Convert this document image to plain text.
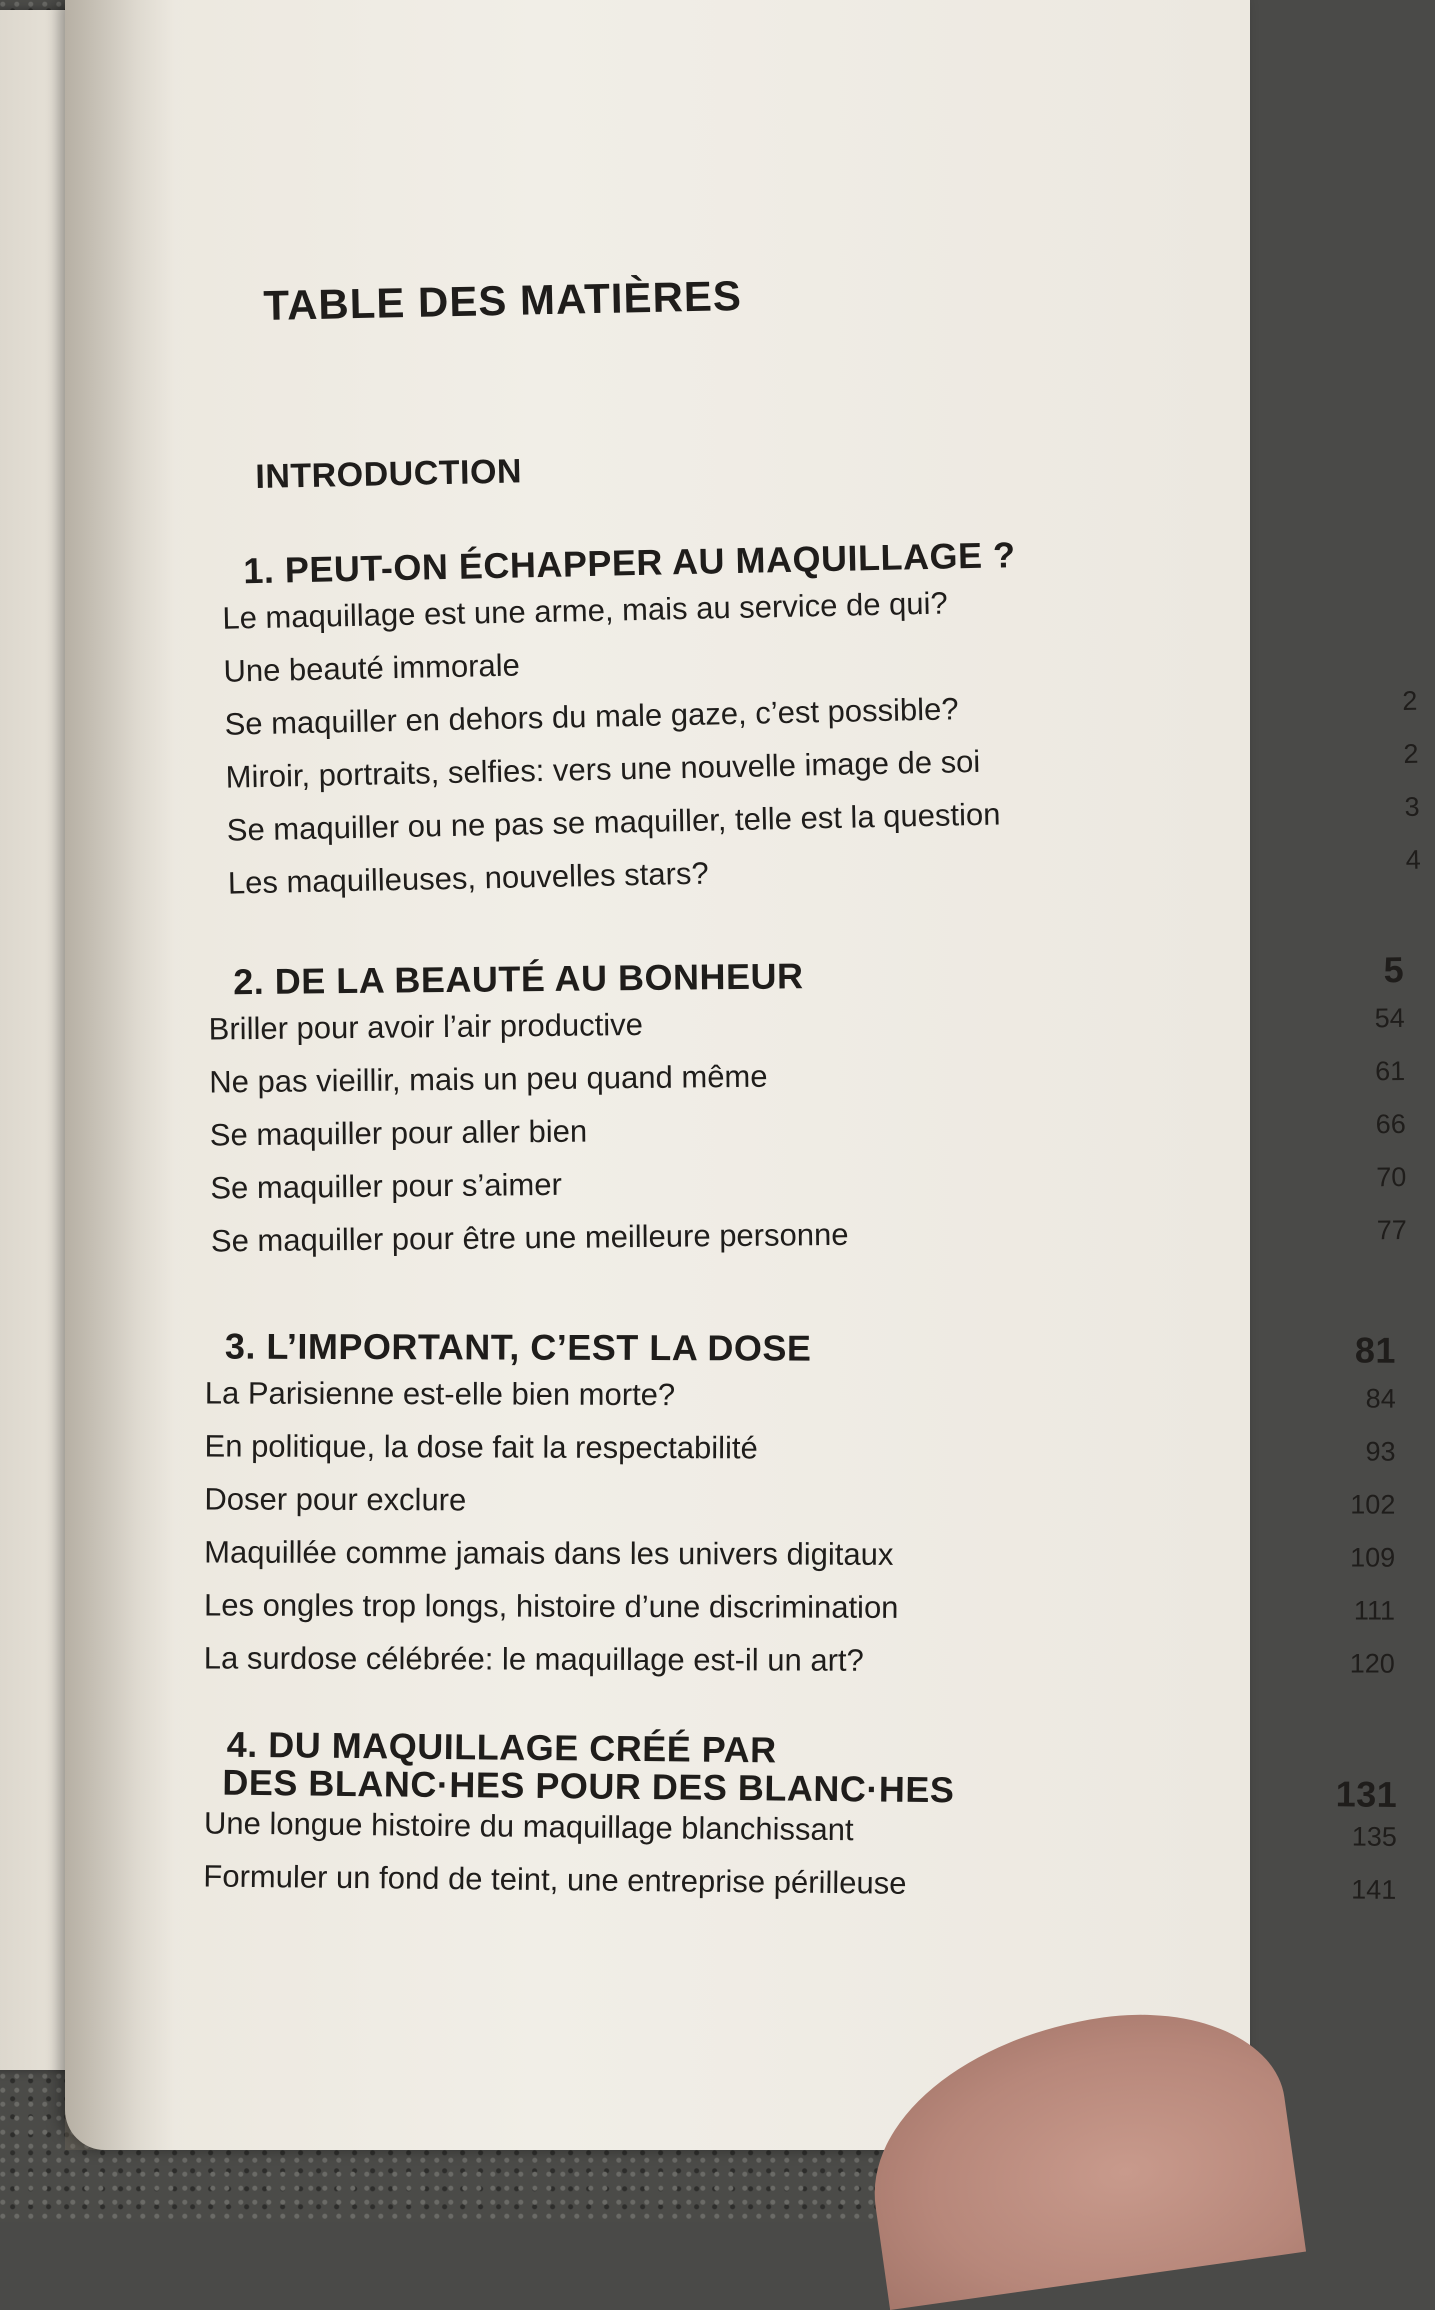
TABLE DES MATIÈRES
INTRODUCTION
1. PEUT-ON ÉCHAPPER AU MAQUILLAGE ?
Le maquillage est une arme, mais au service de qui?
Une beauté immorale
Se maquiller en dehors du male gaze, c’est possible?	2
Miroir, portraits, selfies: vers une nouvelle image de soi	2
Se maquiller ou ne pas se maquiller, telle est la question	3
Les maquilleuses, nouvelles stars?	4
2. DE LA BEAUTÉ AU BONHEUR	5
Briller pour avoir l’air productive	54
Ne pas vieillir, mais un peu quand même	61
Se maquiller pour aller bien	66
Se maquiller pour s’aimer	70
Se maquiller pour être une meilleure personne	77
3. L’IMPORTANT, C’EST LA DOSE	81
La Parisienne est-elle bien morte?	84
En politique, la dose fait la respectabilité	93
Doser pour exclure	102
Maquillée comme jamais dans les univers digitaux	109
Les ongles trop longs, histoire d’une discrimination	111
La surdose célébrée: le maquillage est-il un art?	120
4. DU MAQUILLAGE CRÉÉ PAR
DES BLANC·HES POUR DES BLANC·HES	131
Une longue histoire du maquillage blanchissant	135
Formuler un fond de teint, une entreprise périlleuse	141
